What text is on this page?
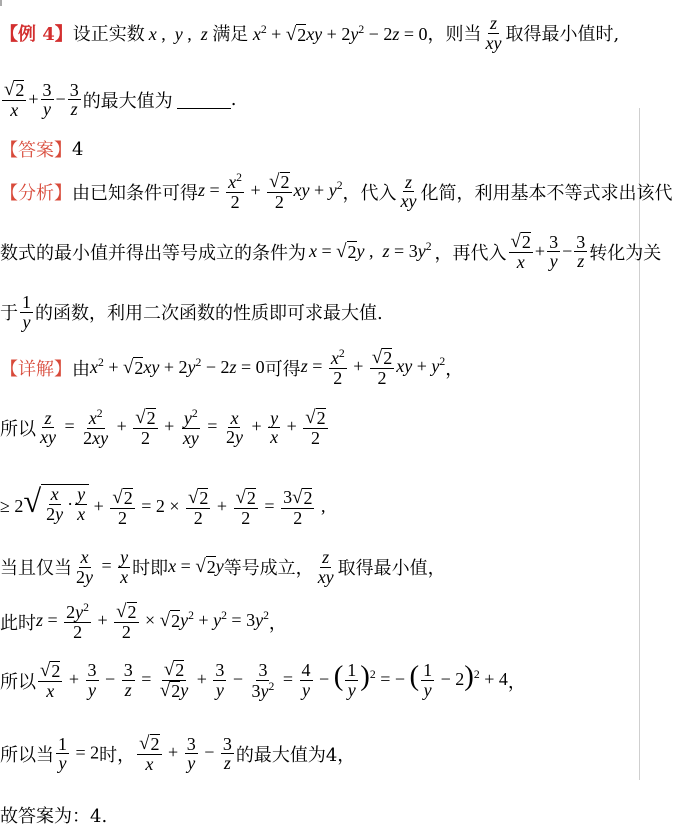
【例 4】 设正实数 x ,  y ,  z 满足 $x^2$ + √ 2 xy + $2y^2 - 2z = 0$ ，则当 $\frac{z}{xy}$ 取得最小值时,
$\frac{√ 2}{x} + \frac{3}{y} - \frac{3}{z}$ 的最大值为	.
【答案】 4
【分析】 由已知条件可得 $z = \frac{x^2}{2} + \frac{√ 2}{2}$ xy + $y^2$ ，代入 $\frac{z}{xy}$ 化简，利用基本不等式求出该代
数式的最小值并得出等号成立的条件为 x = √ 2 y ,  $z = 3y^2$ ，再代入 $\frac{√ 2}{x} + \frac{3}{y} - \frac{3}{z}$ 转化为关
于 $\frac{1}{y}$ 的函数，利用二次函数的性质即可求最大值.
【详解】 由 $x^2$ + √ 2 xy + $2y^2 - 2z = 0$ 可得 $z = \frac{x^2}{2} + \frac{√ 2}{2}$ xy + $y^2$ ，
所以 $\frac{z}{xy} = \frac{x^2}{2xy} + \frac{√ 2}{2} + \frac{y^2}{xy} = \frac{x}{2y} + \frac{y}{x} + \frac{√ 2}{2}$
≥ 2 √ $\frac{x}{2y} \cdot \frac{y}{x} + \frac{√ 2}{2} = 2 \times \frac{√ 2}{2} + \frac{√ 2}{2} = \frac{3 √ 2}{2}$ ,
当且仅当 $\frac{x}{2y} = \frac{y}{x}$ 时即 x = √ 2 y 等号成立， $\frac{z}{xy}$ 取得最小值，
此时 $z = \frac{2y^2}{2} + \frac{√ 2}{2}$ × √ 2 $y^2 + y^2 = 3y^2$ ，
所以 $\frac{√ 2}{x} + \frac{3}{y} - \frac{3}{z} = \frac{√ 2}{√ 2 y} + \frac{3}{y} - \frac{3}{3y^2} = \frac{4}{y}$ − ( $\frac{1}{y} )^2$ = − ( $\frac{1}{y} - 2)^2 + 4$ ，
所以当 $\frac{1}{y} = 2$ 时， $\frac{√ 2}{x} + \frac{3}{y} - \frac{3}{z}$ 的最大值为4，
故答案为：4.
